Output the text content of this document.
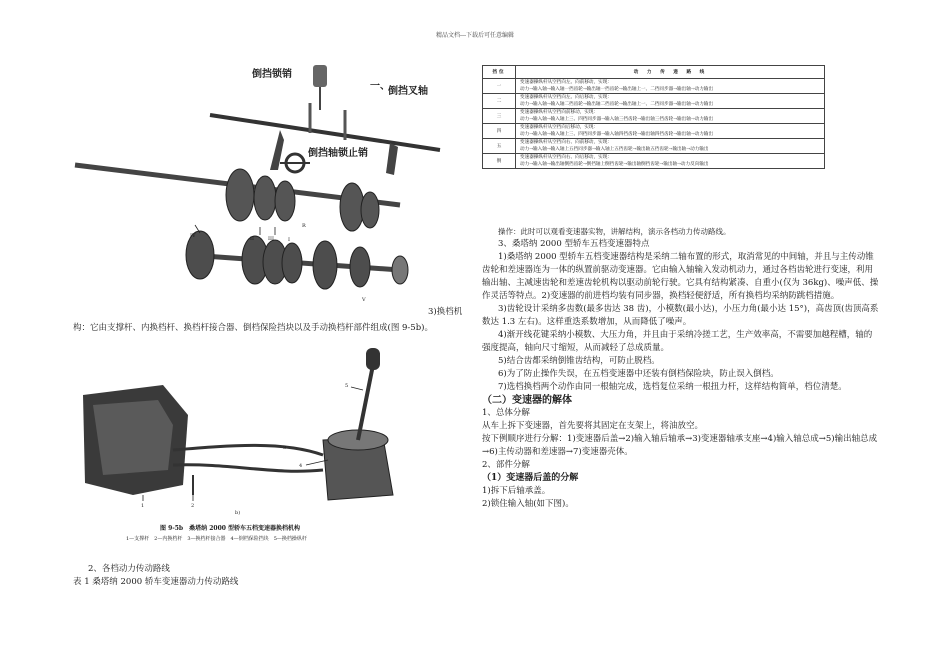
精品文档---下载后可任意编辑
倒挡锁销
一、
倒挡叉轴
倒挡轴锁止销
R
IV	II	III	I
V
3)换档机
构：它由支撑杆、内换档杆、换档杆接合器、倒档保险挡块以及手动换档杆部件组成(图 9-5b)。
1	2
3
4
5
b)
图 9-5b　桑塔纳 2000 型轿车五档变速器换档机构
1—支撑杆　2—内换档杆　3—换档杆接合器　4—倒档保险挡块　5—换档操纵杆
2、各档动力传动路线
表 1 桑塔纳 2000 轿车变速器动力传动路线
挡位	动　力　传　递　路　线
一	变速器操纵杆从空挡向左、向前移动，实现：
动力→输入轴→输入轴一挡齿轮→输出轴一挡齿轮→输出轴上一、二挡同步器→输出轴→动力输出

二	变速器操纵杆从空挡向左、向后移动，实现：
动力→输入轴→输入轴二挡齿轮→输出轴二挡齿轮→输出轴上一、二挡同步器→输出轴→动力输出

三	变速器操纵杆从空挡向前移动，实现：
动力→输入轴→输入轴上三、四挡同步器→输入轴三挡齿轮→输出轴三挡齿轮→输出轴→动力输出

四	变速器操纵杆从空挡向后移动，实现：
动力→输入轴→输入轴上三、四挡同步器→输入轴四挡齿轮→输出轴四挡齿轮→输出轴→动力输出

五	变速器操纵杆从空挡向右、向前移动，实现：
动力→输入轴→输入轴上五挡同步器→输入轴上五挡齿轮→输出轴五挡齿轮→输出轴→动力输出

倒	变速器操纵杆从空挡向右、向后移动，实现：
动力→输入轴→输出轴倒挡齿轮→倒挡轴上倒挡齿轮→输出轴倒挡齿轮→输出轴→动力反向输出

操作：此时可以观看变速器实物，讲解结构，演示各档动力传动路线。

3、桑塔纳 2000 型轿车五档变速器特点

1)桑塔纳 2000 型轿车五档变速器结构是采纳二轴布置的形式，取消常见的中间轴，并且与主传动锥齿轮和差速器连为一体的纵置前驱动变速器。它由输入轴输入发动机动力，通过各档齿轮进行变速，利用输出轴、主减速齿轮和差速齿轮机构以驱动前轮行驶。它具有结构紧凑、自重小(仅为 36kg)、噪声低、操作灵活等特点。2)变速器的前进档均装有同步器，换档轻便舒适，所有换档均采纳防跳档措施。

3)齿轮设计采纳多齿数(最多齿达 38 齿)，小模数(最小达)，小压力角(最小达 15°)，高齿顶(齿顶高系数达 1.3 左右)。这样重迭系数增加，从而降低了噪声。

4)渐开线花键采纳小模数、大压力角，并且由于采纳冷搓工艺，生产效率高，不需要加越程槽，轴的强度提高，轴向尺寸缩短，从而减轻了总成质量。

5)结合齿都采纳倒锥齿结构，可防止脱档。

6)为了防止操作失误，在五档变速器中还装有倒档保险块，防止误入倒档。

7)选档换档两个动作由同一根轴完成，选档复位采纳一根扭力杆，这样结构简单，档位清楚。

（二）变速器的解体

1、总体分解

从车上拆下变速器，首先要将其固定在支架上，将油放空。

按下例顺序进行分解：1)变速器后盖→2)输入轴后轴承→3)变速器轴承支座→4)输入轴总成→5)输出轴总成→6)主传动器和差速器→7)变速器壳体。

2、部件分解

（1）变速器后盖的分解

1)拆下后轴承盖。

2)锁住输入轴(如下图)。
